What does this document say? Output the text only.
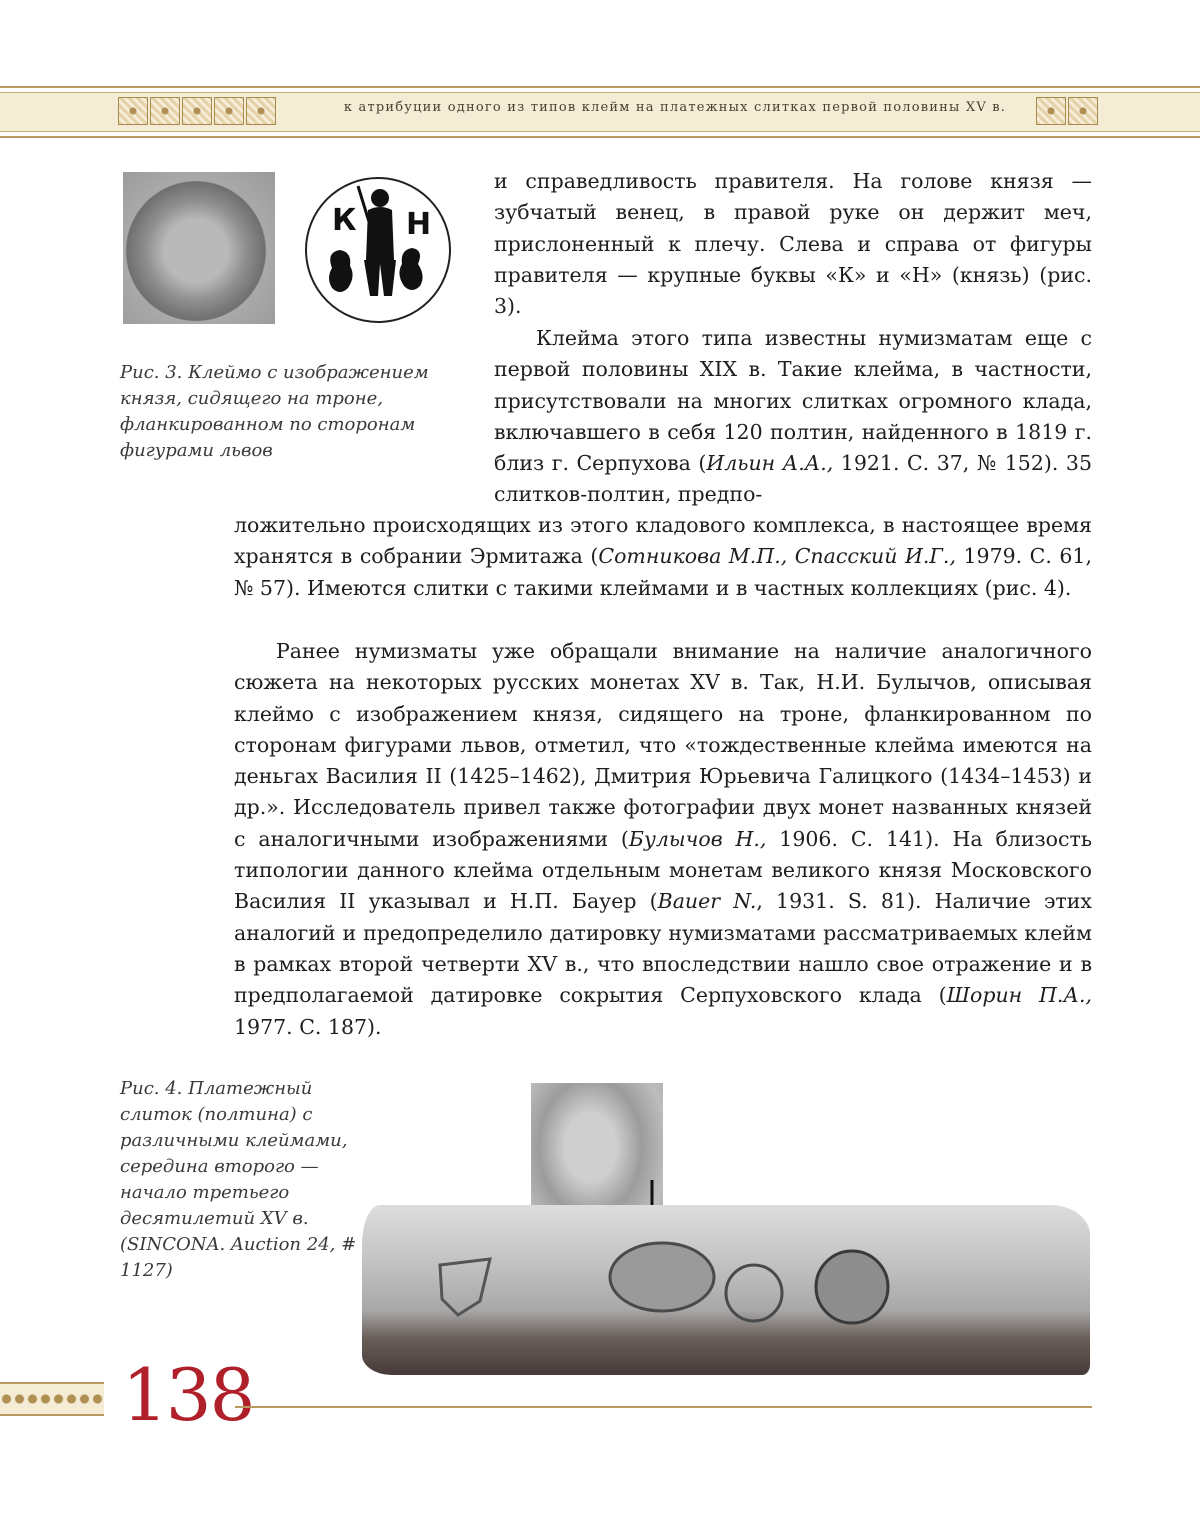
к атрибуции одного из типов клейм на платежных слитках первой половины XV в.
К Н

Рис. 3. Клеймо с изображением князя, сидящего на троне, фланкированном по сторонам фигурами львов

и справедливость правителя. На голове князя — зубчатый венец, в правой руке он держит меч, прислоненный к плечу. Слева и справа от фигуры правителя — крупные буквы «К» и «Н» (князь) (рис. 3).

Клейма этого типа известны нумизматам еще с первой половины XIX в. Такие клейма, в частности, присутствовали на многих слитках огромного клада, включавшего в себя 120 полтин, найденного в 1819 г. близ г. Серпухова (Ильин А.А., 1921. С. 37, № 152). 35 слитков-полтин, предпо-

ложительно происходящих из этого кладового комплекса, в настоящее время хранятся в собрании Эрмитажа (Сотникова М.П., Спасский И.Г., 1979. С. 61, № 57). Имеются слитки с такими клеймами и в частных коллекциях (рис. 4).

Ранее нумизматы уже обращали внимание на наличие аналогичного сюжета на некоторых русских монетах XV в. Так, Н.И. Булычов, описывая клеймо с изображением князя, сидящего на троне, фланкированном по сторонам фигурами львов, отметил, что «тождественные клейма имеются на деньгах Василия II (1425–1462), Дмитрия Юрьевича Галицкого (1434–1453) и др.». Исследователь привел также фотографии двух монет названных князей с аналогичными изображениями (Булычов Н., 1906. С. 141). На близость типологии данного клейма отдельным монетам великого князя Московского Василия II указывал и Н.П. Бауер (Bauer N., 1931. S. 81). Наличие этих аналогий и предопределило датировку нумизматами рассматриваемых клейм в рамках второй четверти XV в., что впоследствии нашло свое отражение и в предполагаемой датировке сокрытия Серпуховского клада (Шорин П.А., 1977. С. 187).

Рис. 4. Платежный слиток (полтина) с различными клеймами, середина второго — начало третьего десятилетий XV в. (SINCONA. Auction 24, # 1127)

138
